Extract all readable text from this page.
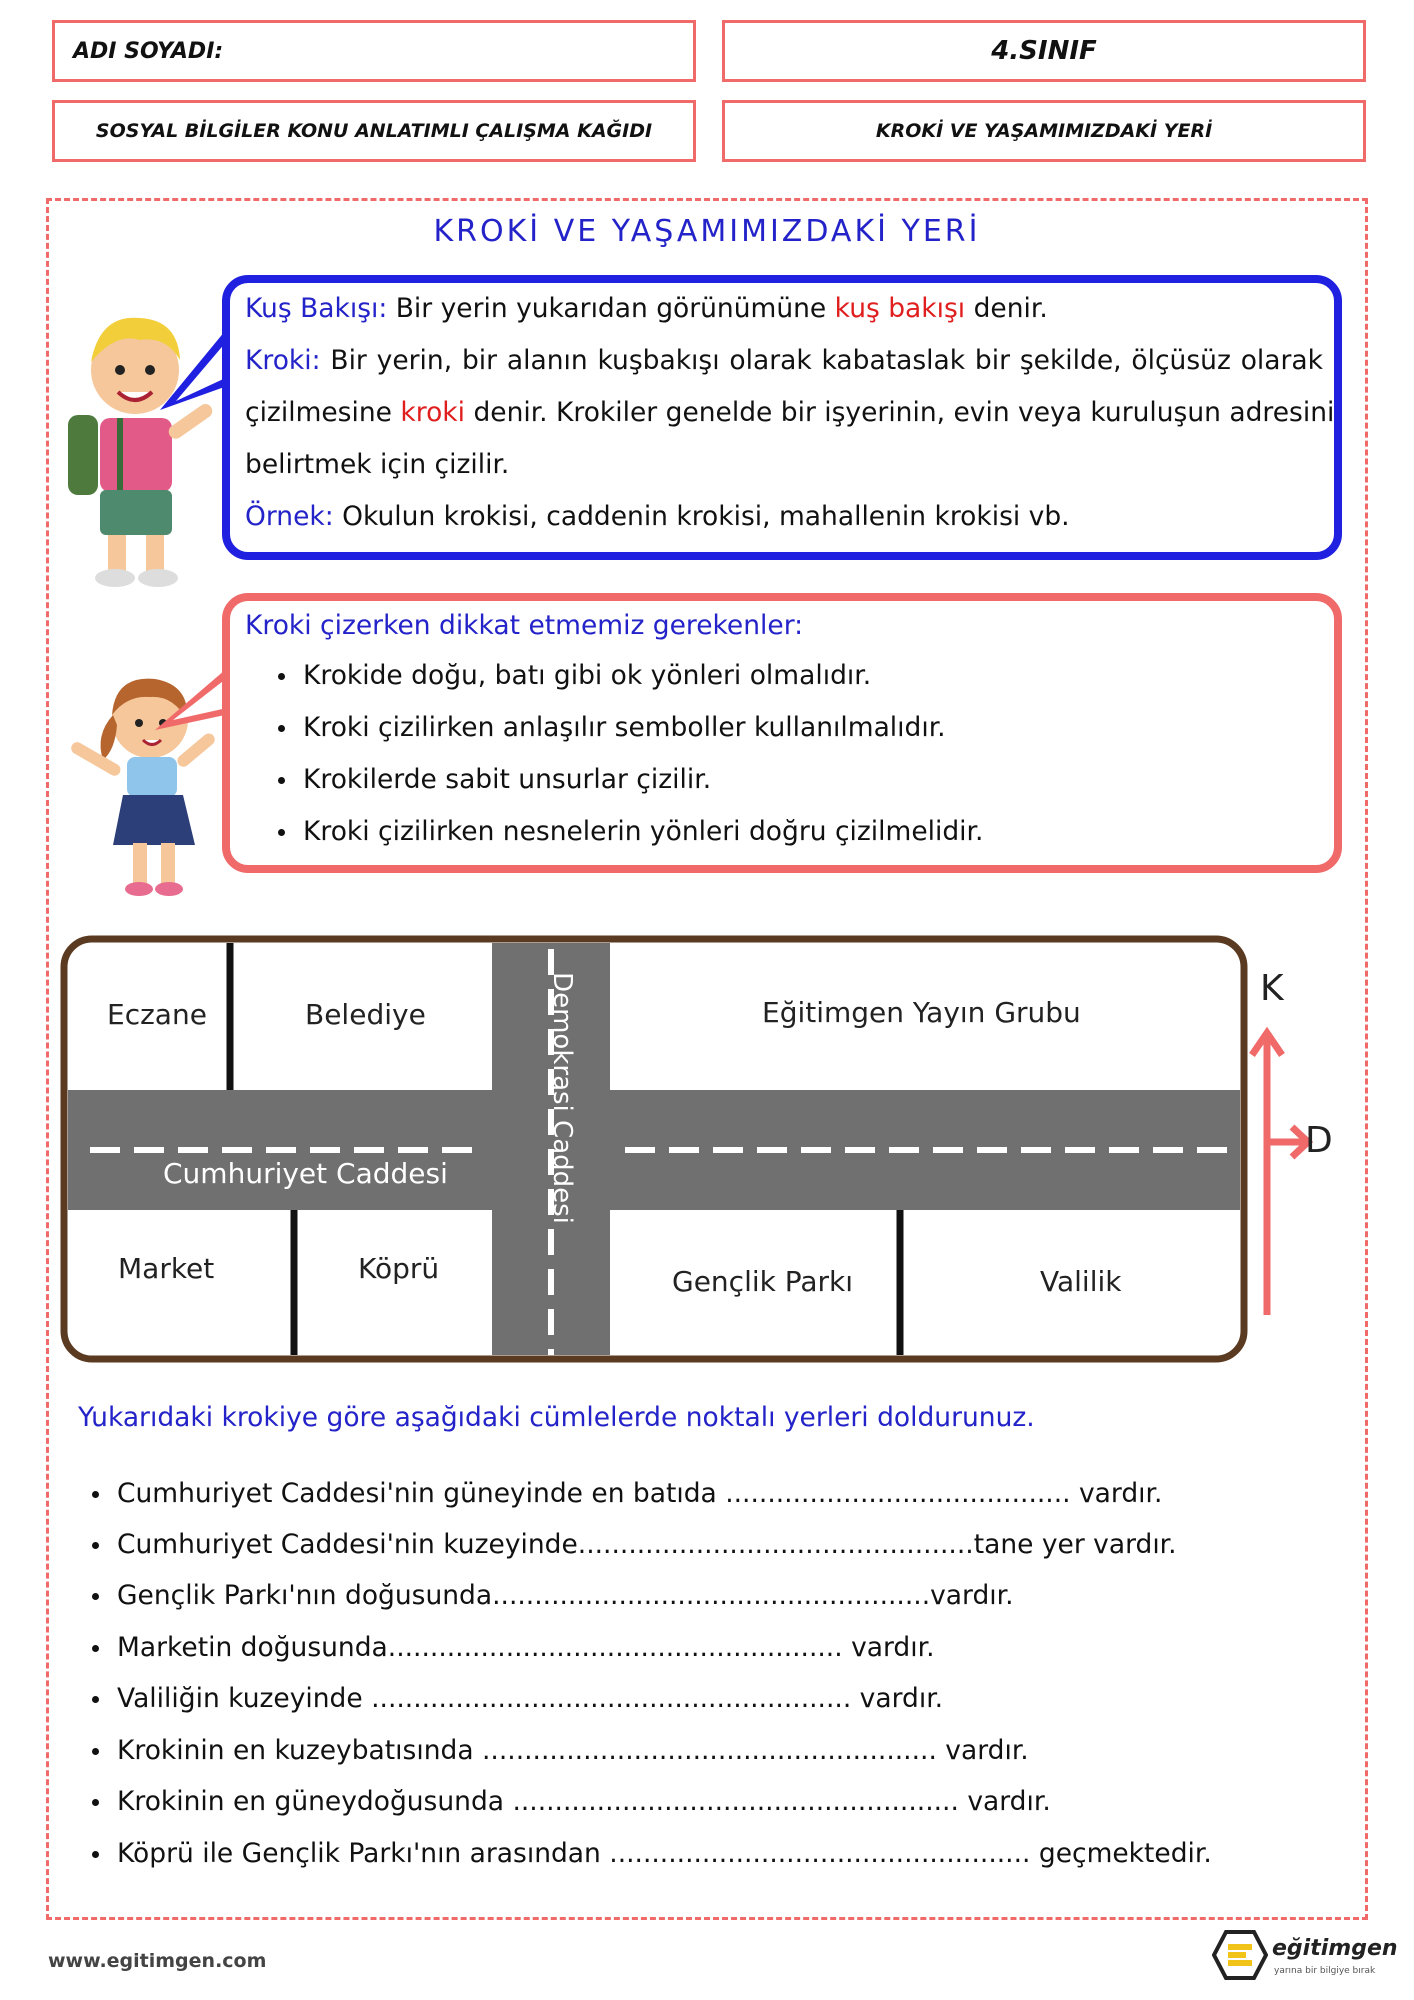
ADI SOYADI:	4.SINIF
SOSYAL BİLGİLER KONU ANLATIMLI ÇALIŞMA KAĞIDI	KROKİ VE YAŞAMIMIZDAKİ YERİ
KROKİ VE YAŞAMIMIZDAKİ YERİ
Kuş Bakışı: Bir yerin yukarıdan görünümüne kuş bakışı denir.
Kroki: Bir yerin, bir alanın kuşbakışı olarak kabataslak bir şekilde, ölçüsüz olarak
çizilmesine kroki denir. Krokiler genelde bir işyerinin, evin veya kuruluşun adresini
belirtmek için çizilir.
Örnek: Okulun krokisi, caddenin krokisi, mahallenin krokisi vb.
Kroki çizerken dikkat etmemiz gerekenler:
Krokide doğu, batı gibi ok yönleri olmalıdır.
Kroki çizilirken anlaşılır semboller kullanılmalıdır.
Krokilerde sabit unsurlar çizilir.
Kroki çizilirken nesnelerin yönleri doğru çizilmelidir.
Eczane	Belediye	Eğitimgen Yayın Grubu
Cumhuriyet Caddesi	Demokrasi Caddesi
Market	Köprü	Gençlik Parkı	Valilik
K
D
Yukarıdaki krokiye göre aşağıdaki cümlelerde noktalı yerleri doldurunuz.
Cumhuriyet Caddesi'nin güneyinde en batıda ......................................... vardır.
Cumhuriyet Caddesi'nin kuzeyinde...............................................tane yer vardır.
Gençlik Parkı'nın doğusunda....................................................vardır.
Marketin doğusunda...................................................... vardır.
Valiliğin kuzeyinde ......................................................... vardır.
Krokinin en kuzeybatısında ...................................................... vardır.
Krokinin en güneydoğusunda ..................................................... vardır.
Köprü ile Gençlik Parkı'nın arasından .................................................. geçmektedir.
www.egitimgen.com	eğitimgen
yarına bir bilgiye bırak
